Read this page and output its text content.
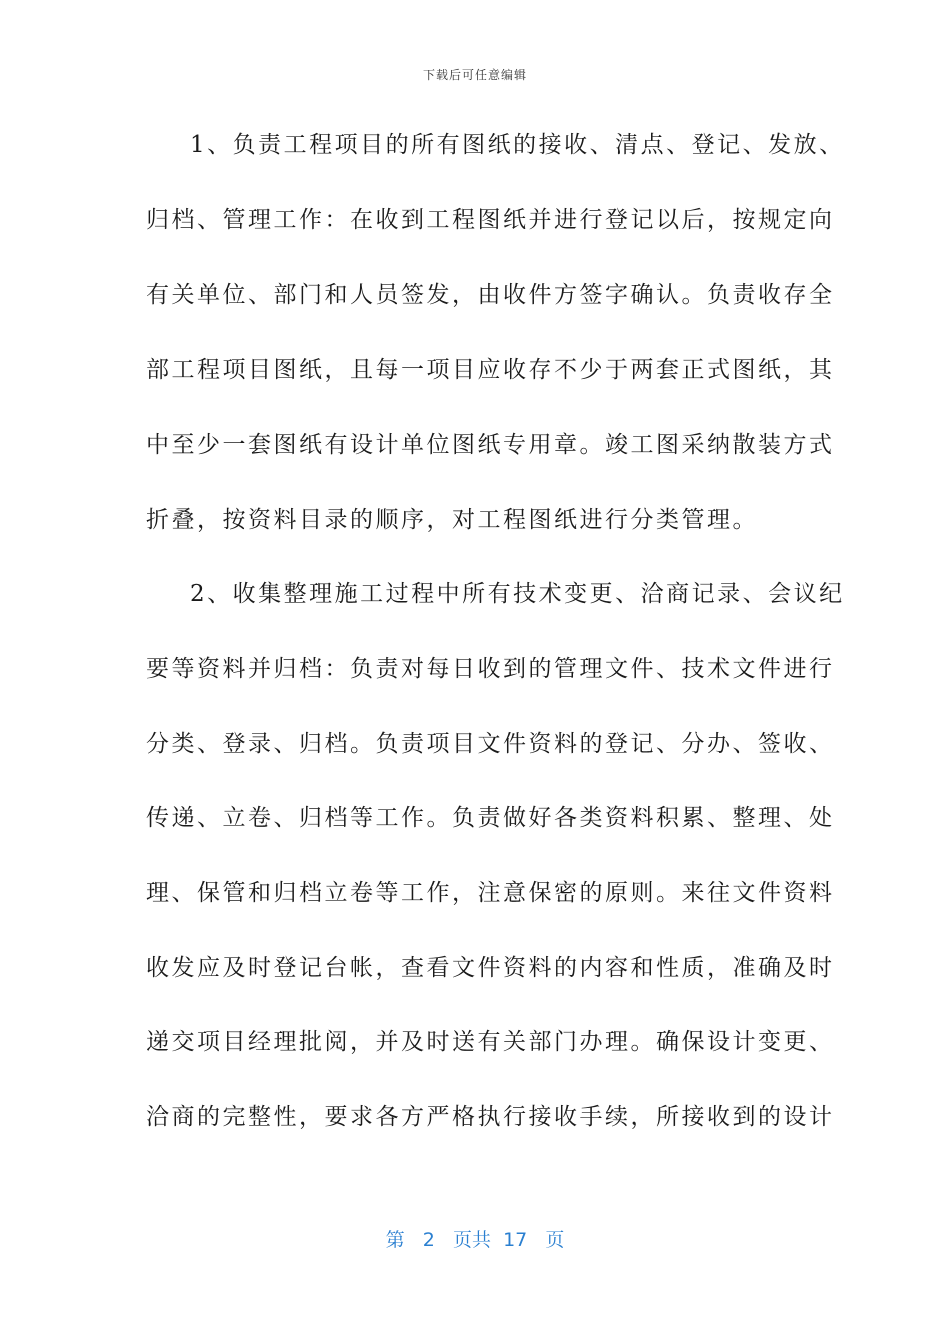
下载后可任意编辑
1、负责工程项目的所有图纸的接收、清点、登记、发放、
归档、管理工作：在收到工程图纸并进行登记以后，按规定向
有关单位、部门和人员签发，由收件方签字确认。负责收存全
部工程项目图纸，且每一项目应收存不少于两套正式图纸，其
中至少一套图纸有设计单位图纸专用章。竣工图采纳散装方式
折叠，按资料目录的顺序，对工程图纸进行分类管理。
2、收集整理施工过程中所有技术变更、洽商记录、会议纪
要等资料并归档：负责对每日收到的管理文件、技术文件进行
分类、登录、归档。负责项目文件资料的登记、分办、签收、
传递、立卷、归档等工作。负责做好各类资料积累、整理、处
理、保管和归档立卷等工作，注意保密的原则。来往文件资料
收发应及时登记台帐，查看文件资料的内容和性质，准确及时
递交项目经理批阅，并及时送有关部门办理。确保设计变更、
洽商的完整性，要求各方严格执行接收手续，所接收到的设计
第 2 页共 17 页
